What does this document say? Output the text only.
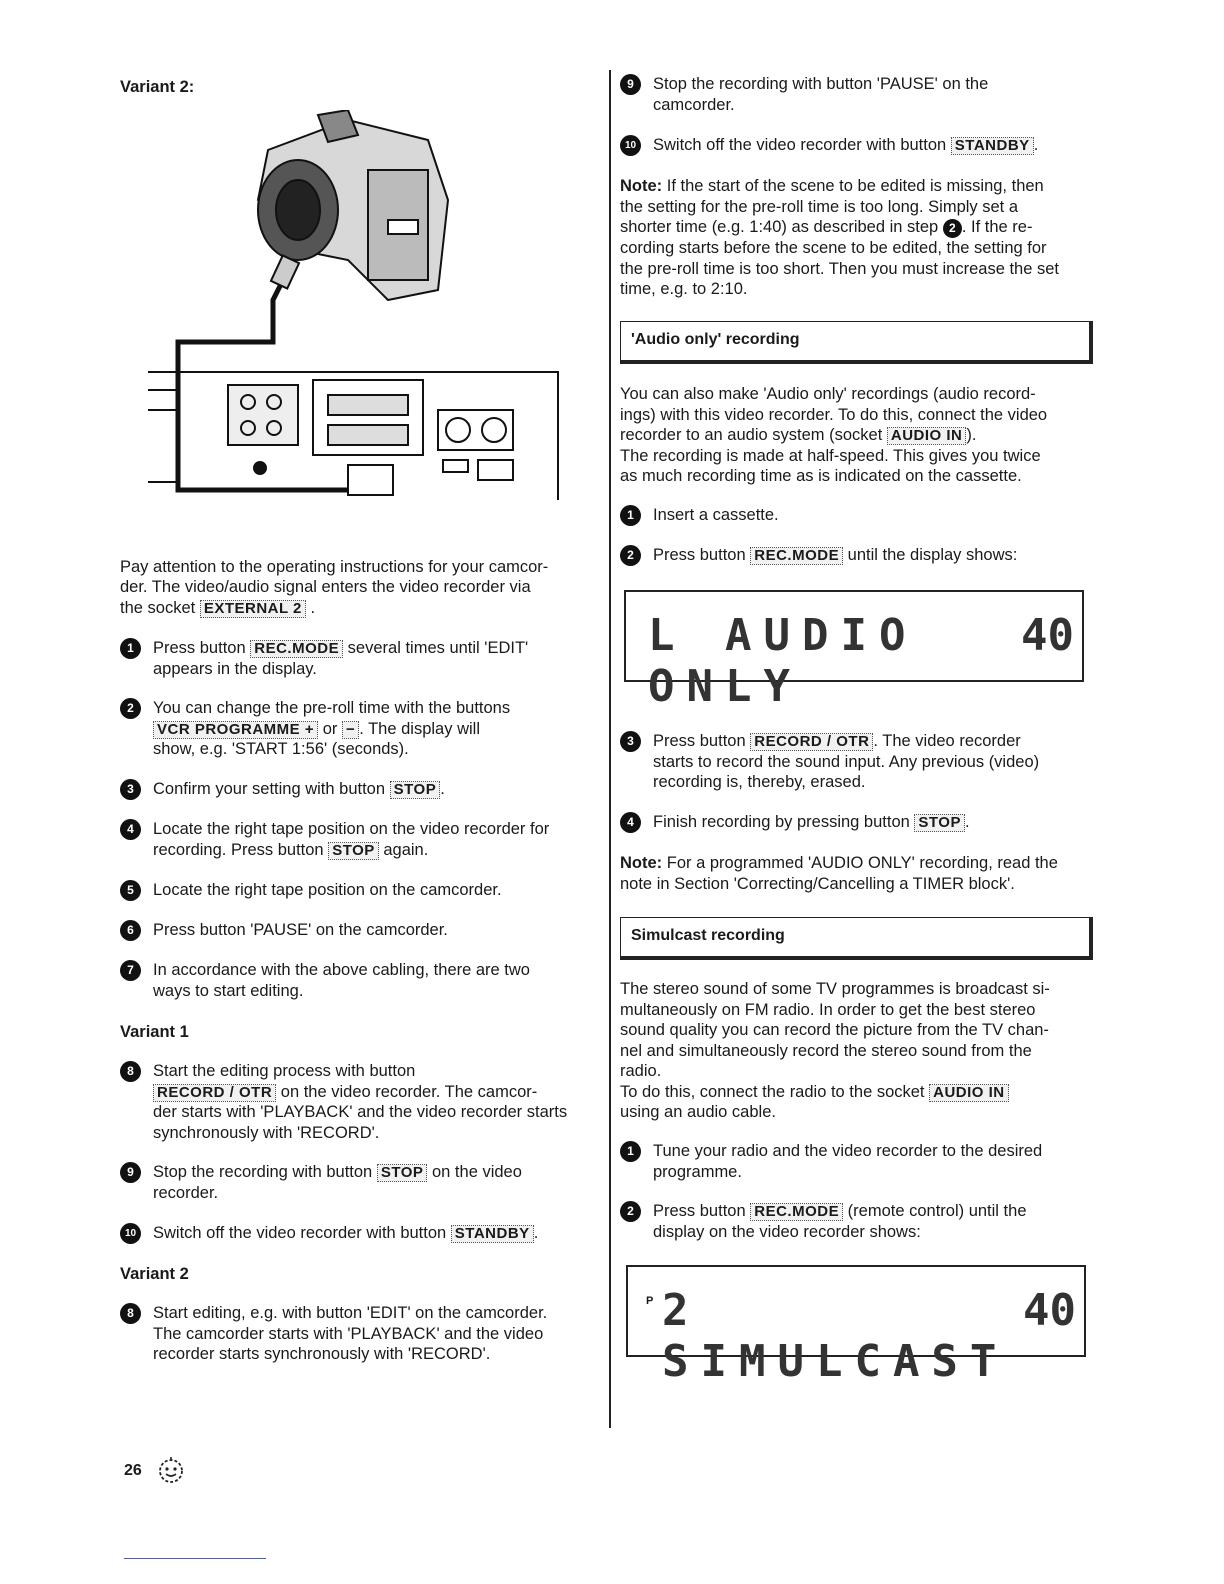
Variant 2:
Pay attention to the operating instructions for your camcor-
der. The video/audio signal enters the video recorder via
the socket EXTERNAL 2 .
1	Press button REC.MODE several times until 'EDIT'
appears in the display.
2	You can change the pre-roll time with the buttons
VCR PROGRAMME + or − . The display will
show, e.g. 'START 1:56' (seconds).
3	Confirm your setting with button STOP .
4	Locate the right tape position on the video recorder for
recording. Press button STOP again.
5	Locate the right tape position on the camcorder.
6	Press button 'PAUSE' on the camcorder.
7	In accordance with the above cabling, there are two
ways to start editing.
Variant 1
8	Start the editing process with button
RECORD / OTR on the video recorder. The camcor-
der starts with 'PLAYBACK' and the video recorder starts
synchronously with 'RECORD'.
9	Stop the recording with button STOP on the video
recorder.
10 Switch off the video recorder with button STANDBY .
Variant 2
8	Start editing, e.g. with button 'EDIT' on the camcorder.
The camcorder starts with 'PLAYBACK' and the video
recorder starts synchronously with 'RECORD'.
9	Stop the recording with button 'PAUSE' on the
camcorder.
10 Switch off the video recorder with button STANDBY .
Note: If the start of the scene to be edited is missing, then
the setting for the pre-roll time is too long. Simply set a
shorter time (e.g. 1:40) as described in step 2 . If the re-
cording starts before the scene to be edited, the setting for
the pre-roll time is too short. Then you must increase the set
time, e.g. to 2:10.
'Audio only' recording
You can also make 'Audio only' recordings (audio record-
ings) with this video recorder. To do this, connect the video
recorder to an audio system (socket AUDIO IN ).
The recording is made at half-speed. This gives you twice
as much recording time as is indicated on the cassette.
1	Insert a cassette.
2	Press button REC.MODE until the display shows:
L AUDIO ONLY
40
3	Press button RECORD / OTR . The video recorder
starts to record the sound input. Any previous (video)
recording is, thereby, erased.
4	Finish recording by pressing button STOP .
Note: For a programmed 'AUDIO ONLY' recording, read the
note in Section 'Correcting/Cancelling a TIMER block'.
Simulcast recording
The stereo sound of some TV programmes is broadcast si-
multaneously on FM radio. In order to get the best stereo
sound quality you can record the picture from the TV chan-
nel and simultaneously record the stereo sound from the
radio.
To do this, connect the radio to the socket AUDIO IN
using an audio cable.
1	Tune your radio and the video recorder to the desired
programme.
2	Press button REC.MODE (remote control) until the
display on the video recorder shows:
P 2 SIMULCAST
40
26
